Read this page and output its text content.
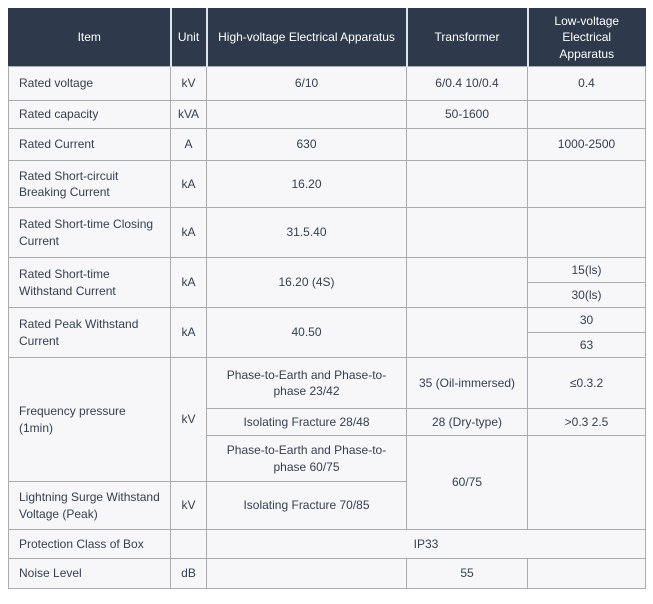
Item	Unit	High-voltage Electrical Apparatus	Transformer	Low-voltage Electrical Apparatus
Rated voltage	kV	6/10	6/0.4 10/0.4	0.4
Rated capacity	kVA		50-1600	
Rated Current	A	630		1000-2500
Rated Short-circuit Breaking Current	kA	16.20		
Rated Short-time Closing Current	kA	31.5.40		
Rated Short-time Withstand Current	kA	16.20 (4S)		15(ls)
				30(ls)
Rated Peak Withstand Current	kA	40.50		30
				63
Frequency pressure (1min)	kV	Phase-to-Earth and Phase-to-phase 23/42	35 (Oil-immersed)	≤0.3.2
		Isolating Fracture 28/48	28 (Dry-type)	>0.3 2.5
		Phase-to-Earth and Phase-to-phase 60/75	60/75	
Lightning Surge Withstand Voltage (Peak)	kV	Isolating Fracture 70/85		
Protection Class of Box		IP33		
Noise Level	dB		55	
